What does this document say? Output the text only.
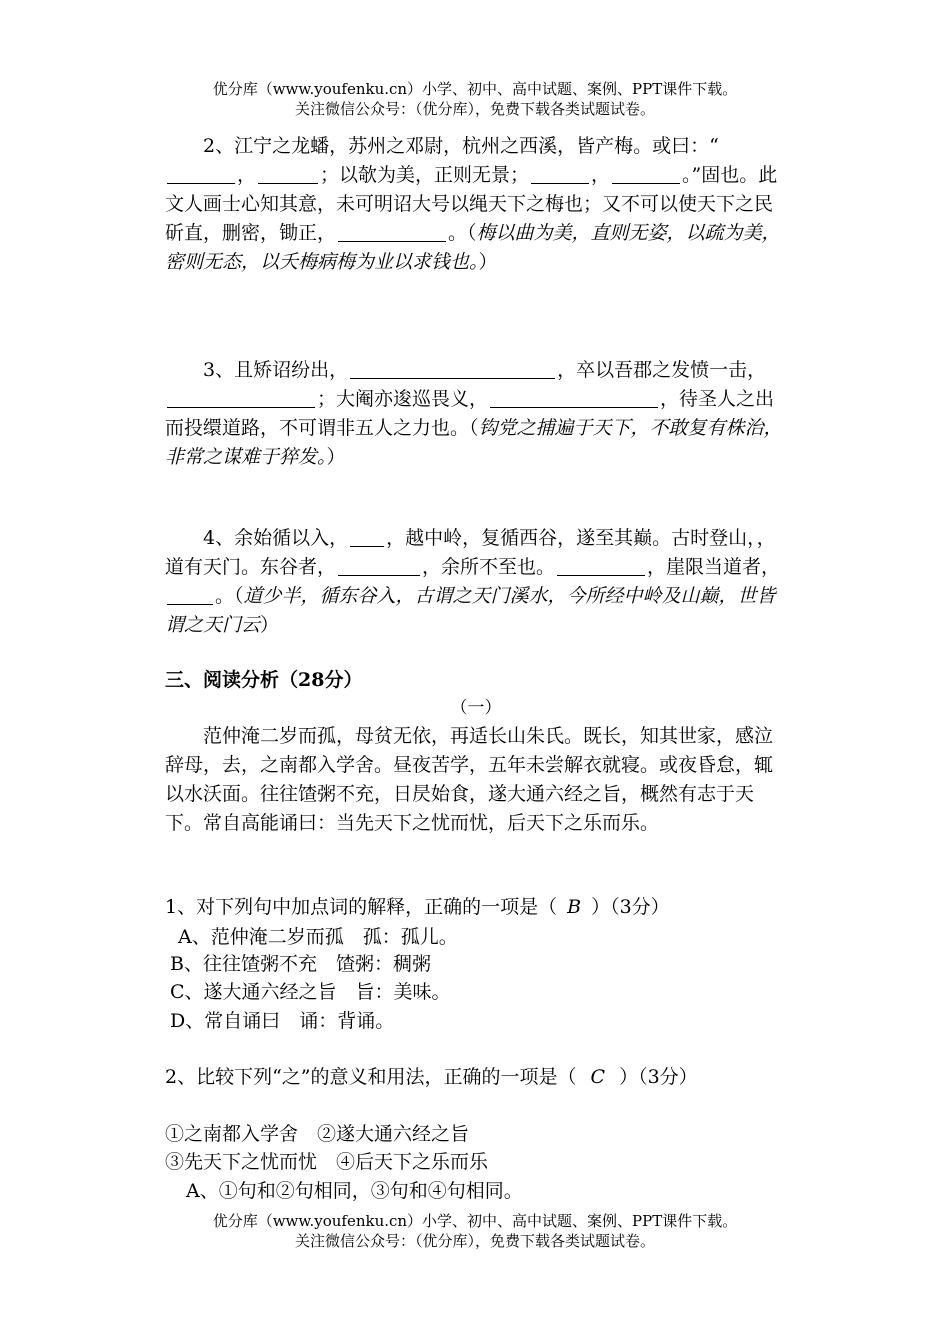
优分库（www.youfenku.cn）小学、初中、高中试题、案例、PPT课件下载。
关注微信公众号：（优分库），免费下载各类试题试卷。
2、江宁之龙蟠，苏州之邓尉，杭州之西溪，皆产梅。或曰：“，	；以欹为美，正则无景；	，	。”固也。此文人画士心知其意，未可明诏大号以绳天下之梅也；又不可以使天下之民斫直，删密，锄正，	。（梅以曲为美，直则无姿，以疏为美，密则无态，以夭梅病梅为业以求钱也。）
3、且矫诏纷出，	，卒以吾郡之发愤一击，；大阉亦逡巡畏义，	，待圣人之出而投缳道路，不可谓非五人之力也。（钩党之捕遍于天下，不敢复有株治，非常之谋难于猝发。）
4、余始循以入， ，越中岭，复循西谷，遂至其巅。古时登山，，道有天门。东谷者，	，余所不至也。	，崖限当道者，。（道少半，循东谷入，古谓之天门溪水，今所经中岭及山巅，世皆谓之天门云）
三、阅读分析（28分）
（一）
范仲淹二岁而孤，母贫无依，再适长山朱氏。既长，知其世家，感泣辞母，去，之南都入学舍。昼夜苦学，五年未尝解衣就寝。或夜昏怠，辄以水沃面。往往馇粥不充，日昃始食，遂大通六经之旨，概然有志于天下。常自高能诵曰：当先天下之忧而忧，后天下之乐而乐。
1、对下列句中加点词的解释，正确的一项是（ B ）（3分）
A、范仲淹二岁而孤　孤：孤儿。
B、往往馇粥不充　馇粥：稠粥
C、遂大通六经之旨　旨：美味。
D、常自诵曰　诵：背诵。
2、比较下列“之”的意义和用法，正确的一项是（ C ）（3分）
①之南都入学舍　②遂大通六经之旨
③先天下之忧而忧　④后天下之乐而乐
A、①句和②句相同，③句和④句相同。
优分库（www.youfenku.cn）小学、初中、高中试题、案例、PPT课件下载。
关注微信公众号：（优分库），免费下载各类试题试卷。
